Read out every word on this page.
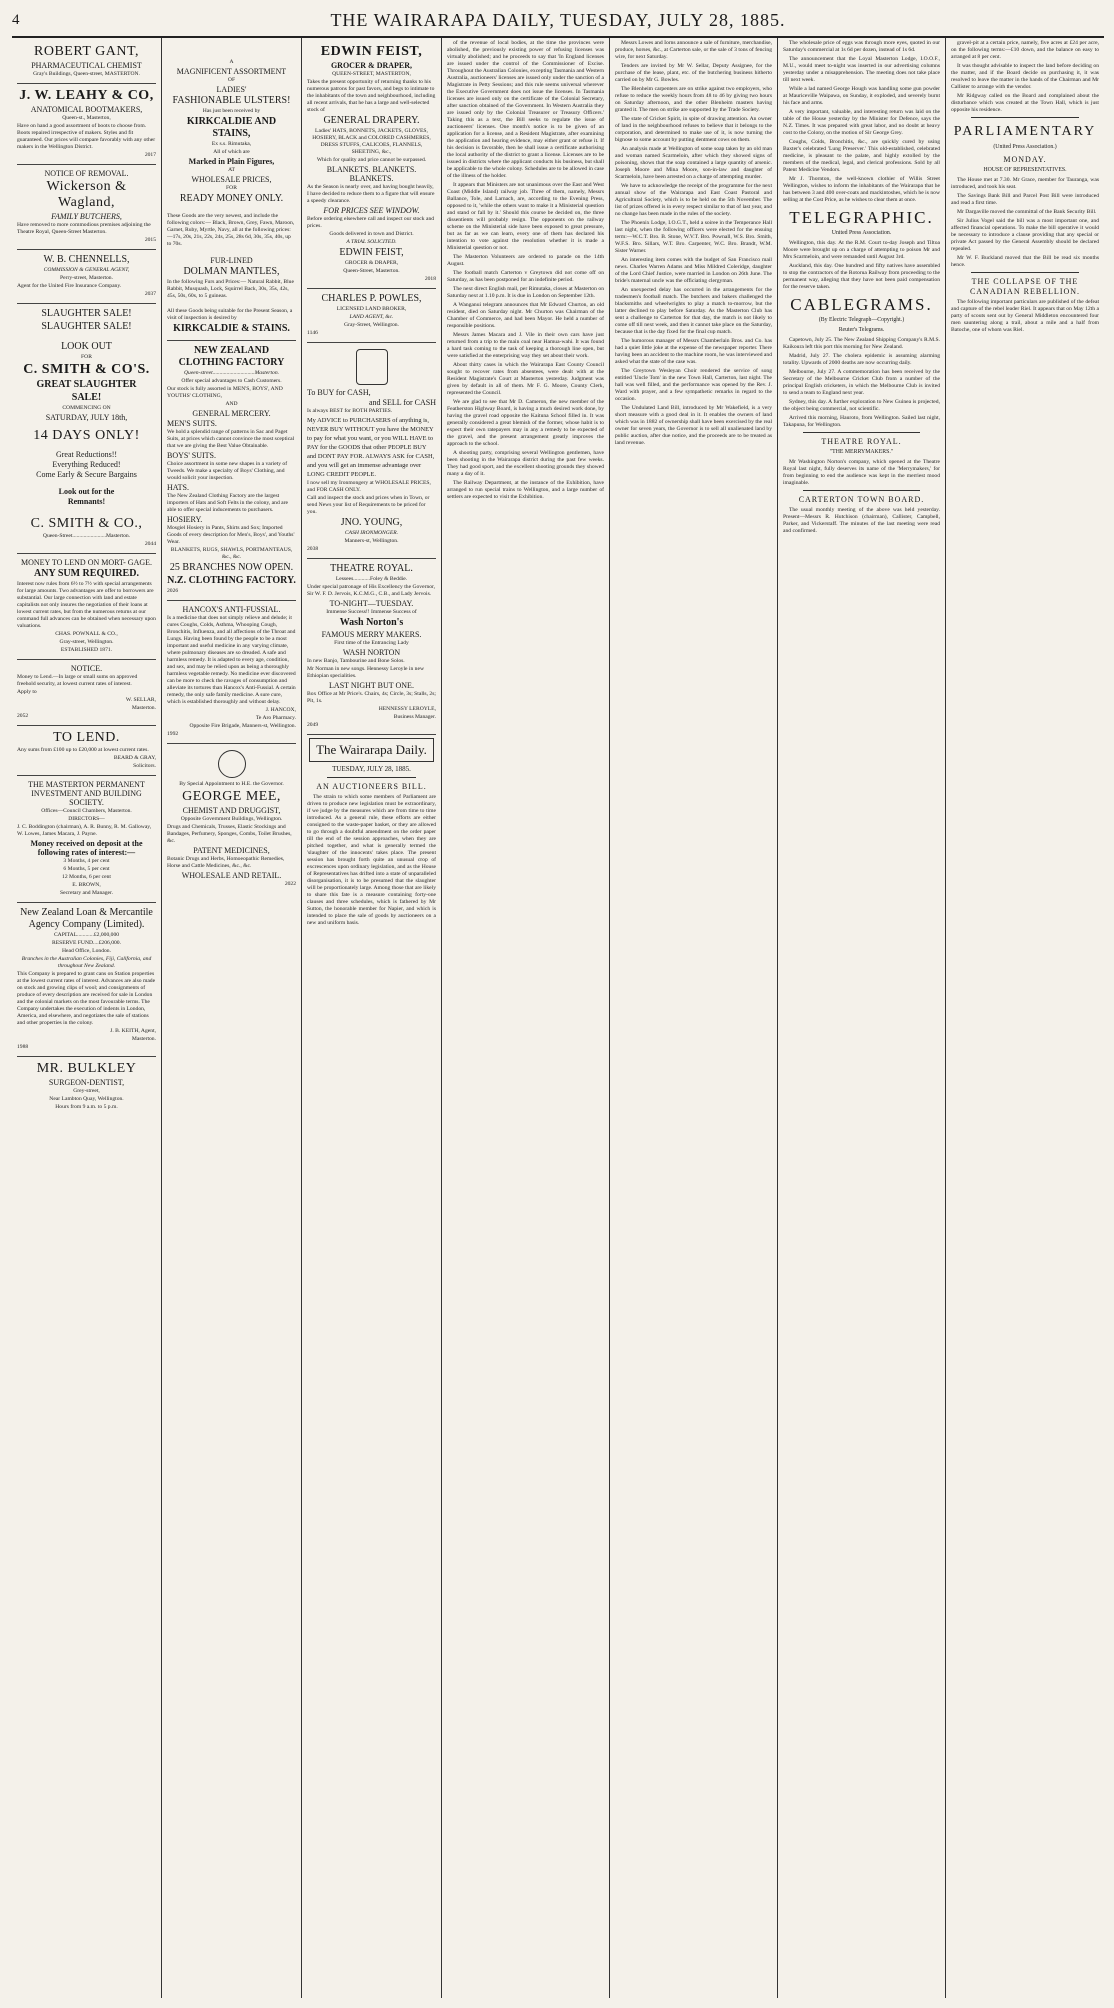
4	THE WAIRARAPA DAILY, TUESDAY, JULY 28, 1885.

ROBERT GANT,

PHARMACEUTICAL CHEMIST

Gray's Buildings, Queen-street, MASTERTON.

J. W. LEAHY & CO,

ANATOMICAL BOOTMAKERS,

Queen-st., Masterton,

Have on hand a good assortment of boots to choose from. Boots repaired irrespective of makers. Styles and fit guaranteed. Our prices will compare favorably with any other makers in the Wellington District.

2017

NOTICE OF REMOVAL.

Wickerson & Wagland,

FAMILY BUTCHERS,

Have removed to more commodious premises adjoining the Theatre Royal, Queen-Street Masterton.

2015

W. B. CHENNELLS,

COMMISSION & GENERAL AGENT,

Perry-street, Masterton.

Agent for the United Fire Insurance Company.

2037

SLAUGHTER SALE!

SLAUGHTER SALE!

LOOK OUT

FOR

C. SMITH & CO'S.

GREAT SLAUGHTER

SALE!

COMMENCING ON

SATURDAY, JULY 18th,

14 DAYS ONLY!

Great Reductions!!

Everything Reduced!

Come Early & Secure Bargains

Look out for the

Remnants!

C. SMITH & CO.,

Queen-Street........................Masterton.

2044

MONEY TO LEND ON MORT- GAGE.

ANY SUM REQUIRED.

Interest now rules from 6½ to 7½ with special arrangements for large amounts. Two advantages are offer to borrowers are substantial. Our large connection with land and estate capitalists not only insures the negotiation of their loans at lowest current rates, but from the numerous returns at our command full advances can be obtained when necessary upon valuations.

CHAS. POWNALL & CO.,

Gray-street, Wellington.

ESTABLISHED 1871.

NOTICE.

Money to Lend.—In large or small sums on approved freehold security, at lowest current rates of interest.

Apply to

W. SELLAR,

Masterton.

2052

TO LEND.

Any sums from £100 up to £20,000 at lowest current rates.

BEARD & GRAY,

Solicitors.

THE MASTERTON PERMANENT INVESTMENT AND BUILDING SOCIETY.

Offices—Council Chambers, Masterton.

DIRECTORS—

J. C. Boddington (chairman), A. R. Bunny, R. M. Galloway, W. Lowes, James Macara, J. Payne.

Money received on deposit at the following rates of interest:—

3 Months, 4 per cent

6 Months, 5 per cent

12 Months, 6 per cent

E. BROWN,

Secretary and Manager.

New Zealand Loan & Mercantile Agency Company (Limited).

CAPITAL............£2,000,000

RESERVE FUND....£206,000.

Head Office, London.

Branches in the Australian Colonies, Fiji, California, and throughout New Zealand.

This Company is prepared to grant cans on Station properties at the lowest current rates of interest. Advances are also made on stock and growing clips of wool; and consignments of produce of every description are received for sale in London and the colonial markets on the most favourable terms. The Company undertakes the execution of indents in London, America, and elsewhere, and negotiates the sale of stations and other properties in the colony.

J. B. KEITH, Agent,

Masterton.

1988

MR. BULKLEY

SURGEON-DENTIST,

Grey-street,

Near Lambton Quay, Wellington.

Hours from 9 a.m. to 5 p.m.

A

MAGNIFICENT ASSORTMENT

OF

LADIES'

FASHIONABLE ULSTERS!

Has just been received by

KIRKCALDIE AND STAINS,

Ex s.s. Rimutaka,

All of which are

Marked in Plain Figures,

AT

WHOLESALE PRICES,

FOR

READY MONEY ONLY.

These Goods are the very newest, and include the following colors:— Black, Brown, Grey, Fawn, Maroon, Garnet, Ruby, Myrtle, Navy, all at the following prices:—17s, 20s, 21s, 22s, 24s, 25s, 28s 6d, 30s, 35s, 40s, up to 70s.

FUR-LINED

DOLMAN MANTLES,

In the following Furs and Prices:— Natural Rabbit, Blue Rabbit, Musquash, Lock, Squirrel Back, 30s, 35s, 42s, 45s, 50s, 60s, to 5 guineas.

All these Goods being suitable for the Present Season, a visit of inspection is desired by

KIRKCALDIE & STAINS.

NEW ZEALAND CLOTHING FACTORY

Queen-street..............................Masterton.

Offer special advantages to Cash Customers.

Our stock is fully assorted in MEN'S, BOYS', AND YOUTHS' CLOTHING,

AND

GENERAL MERCERY.

MEN'S SUITS.

We hold a splendid range of patterns in Sac and Paget Suits, at prices which cannot convince the most sceptical that we are giving the Best Value Obtainable.

BOYS' SUITS.

Choice assortment in some new shapes in a variety of Tweeds. We make a specialty of Boys' Clothing, and would solicit your inspection.

HATS.

The New Zealand Clothing Factory are the largest importers of Hats and Soft Felts in the colony, and are able to offer special inducements to purchasers.

HOSIERY.

Mosgiel Hosiery in Pants, Shirts and Sox; Imported Goods of every description for Men's, Boys', and Youths' Wear.

BLANKETS, RUGS, SHAWLS, PORTMANTEAUS, &c., &c.

25 BRANCHES NOW OPEN.

N.Z. CLOTHING FACTORY.

2026

HANCOX'S ANTI-FUSSIAL.

Is a medicine that does not simply relieve and delude; it cures Coughs, Colds, Asthma, Whooping Cough, Bronchitis, Influenza, and all affections of the Throat and Lungs. Having been found by the people to be a most important and useful medicine in any varying climate, where pulmonary diseases are so dreaded. A safe and harmless remedy. It is adapted to every age, condition, and sex, and may be relied upon as being a thoroughly harmless vegetable remedy. No medicine ever discovered can be more to check the ravages of consumption and alleviate its tortures than Hancox's Anti-Fussial. A certain remedy, the only safe family medicine. A sure cure, which is established thoroughly and without delay.

J. HANCOX,

Te Aro Pharmacy.

Opposite Fire Brigade, Manners-st, Wellington.

1992

By Special Appointment to H.E. the Governor.

GEORGE MEE,

CHEMIST AND DRUGGIST,

Opposite Government Buildings, Wellington.

Drugs and Chemicals, Trusses, Elastic Stockings and Bandages, Perfumery, Sponges, Combs, Toilet Brushes, &c.

PATENT MEDICINES,

Botanic Drugs and Herbs, Homoeopathic Remedies, Horse and Cattle Medicines, &c., &c.

WHOLESALE AND RETAIL.

2022

EDWIN FEIST,

GROCER & DRAPER,

QUEEN-STREET, MASTERTON,

Takes the present opportunity of returning thanks to his numerous patrons for past favors, and begs to intimate to the inhabitants of the town and neighbourhood, including all recent arrivals, that he has a large and well-selected stock of

GENERAL DRAPERY.

Ladies' HATS, BONNETS, JACKETS, GLOVES, HOSIERY, BLACK and COLORED CASHMERES, DRESS STUFFS, CALICOES, FLANNELS, SHEETING, &c.,

Which for quality and price cannot be surpassed.

BLANKETS. BLANKETS. BLANKETS.

As the Season is nearly over, and having bought heavily, I have decided to reduce them to a figure that will ensure a speedy clearance.

FOR PRICES SEE WINDOW.

Before ordering elsewhere call and inspect our stock and prices.

Goods delivered in town and District.

A TRIAL SOLICITED.

EDWIN FEIST,

GROCER & DRAPER,

Queen-Street, Masterton.

2018

CHARLES P. POWLES,

LICENSED LAND BROKER,

LAND AGENT, &c.

Gray-Street, Wellington.

1146

To BUY for CASH,

and SELL for CASH

Is always BEST for BOTH PARTIES.

My ADVICE to PURCHASERS of anything is, NEVER BUY WITHOUT you have the MONEY to pay for what you want, or you WILL HAVE to PAY for the GOODS that other PEOPLE BUY and DONT PAY FOR. ALWAYS ASK for CASH, and you will get an immense advantage over LONG CREDIT PEOPLE.

I now sell my Ironmongery at WHOLESALE PRICES, and FOR CASH ONLY.

Call and inspect the stock and prices when in Town, or send News your list of Requirements to be priced for you.

JNO. YOUNG,

CASH IRONMONGER.

Manners-st, Wellington.

2038

THEATRE ROYAL.

Lessees............Foley & Beddie.

Under special patronage of His Excellency the Governor, Sir W. F. D. Jervois, K.C.M.G., C.B., and Lady Jervois.

TO-NIGHT—TUESDAY.

Immense Success!! Immense Success of

Wash Norton's

FAMOUS MERRY MAKERS.

First time of the Entrancing Lady

WASH NORTON

In new Banjo, Tambourine and Bone Solos.

Mr Norman in new songs. Hennessy Leroyle in new Ethiopian specialities.

LAST NIGHT BUT ONE.

Box Office at Mr Price's. Chairs, 4s; Circle, 3s; Stalls, 2s; Pit, 1s.

HENNESSY LEROYLE,

Business Manager.

2049

The Wairarapa Daily.
TUESDAY, JULY 28, 1885.
AN AUCTIONEERS BILL.

The strain to which some members of Parliament are driven to produce new legislation must be extraordinary, if we judge by the measures which are from time to time introduced. As a general rule, these efforts are either consigned to the waste-paper basket, or they are allowed to go through a doubtful amendment on the order paper till the end of the session approaches, when they are pitched together, and what is generally termed the 'slaughter of the innocents' takes place. The present session has brought forth quite an unusual crop of excrescences upon ordinary legislation, and as the House of Representatives has drifted into a state of unparalleled disorganisation, it is to be presumed that the slaughter will be proportionately large. Among those that are likely to share this fate is a measure containing forty-one clauses and three schedules, which is fathered by Mr Sutton, the honorable member for Napier, and which is intended to place the sale of goods by auctioneers on a new and uniform basis.

of the revenue of local bodies, at the time the provinces were abolished, the previously existing power of refusing licenses was virtually abolished; and he proceeds to say that 'In England licenses are issued under the control of the Commissioner of Excise. Throughout the Australian Colonies, excepting Tasmania and Western Australia, auctioneers' licenses are issued only under the sanction of a Magistrate in Petty Sessions; and this rule seems universal wherever the Executive Government does not issue the licenses. In Tasmania licenses are issued only on the certificate of the Colonial Secretary, after sanction obtained of the Government. In Western Australia they are issued only by the Colonial Treasurer or Treasury Officers.' Taking this as a text, the Bill seeks to regulate the issue of auctioneers' licenses. One month's notice is to be given of an application for a license, and a Resident Magistrate, after examining the application and hearing evidence, may either grant or refuse it. If his decision is favorable, then he shall issue a certificate authorising the local authority of the district to grant a license. Licenses are to be issued in districts where the applicant conducts his business, but shall be applicable to the whole colony. Schedules are to be allowed in case of the illness of the holder.

It appears that Ministers are not unanimous over the East and West Coast (Middle Island) railway job. Three of them, namely, Messrs Ballance, Tole, and Larnach, are, according to the Evening Press, opposed to it, 'while the others want to make it a Ministerial question and stand or fall by it.' Should this course be decided on, the three dissentients will probably resign. The opponents on the railway scheme on the Ministerial side have been exposed to great pressure, but as far as we can learn, every one of them has declared his intention to vote against the resolution whether it is made a Ministerial question or not.

The Masterton Volunteers are ordered to parade on the 14th August.

The football match Carterton v Greytown did not come off on Saturday, as has been postponed for an indefinite period.

The next direct English mail, per Rimutaka, closes at Masterton on Saturday next at 1.10 p.m. It is due in London on September 12th.

A Wanganui telegram announces that Mr Edward Churton, an old resident, died on Saturday night. Mr Churton was Chairman of the Chamber of Commerce, and had been Mayor. He held a number of responsible positions.

Messrs James Macara and J. Vile in their own cars have just returned from a trip to the main coal near Hamua-wahi. It was found a hard task coming to the task of keeping a thorough line open, but were satisfied at the enterprising way they set about their work.

About thirty cases in which the Wairarapa East County Council sought to recover rates from absentees, were dealt with at the Resident Magistrate's Court at Masterton yesterday. Judgment was given by default in all of them. Mr F. G. Moore, County Clerk, represented the Council.

We are glad to see that Mr D. Cameron, the new member of the Featherston Highway Board, is having a much desired work done, by having the gravel road opposite the Kaituna School filled in. It was generally considered a great blemish of the former, whose habit is to expect their own ratepayers may in any a remedy to be expected of the gravel, and the present arrangement greatly improves the approach to the school.

A shooting party, comprising several Wellington gentlemen, have been shooting in the Wairarapa district during the past few weeks. They had good sport, and the excellent shooting grounds they showed many a day of it.

The Railway Department, at the instance of the Exhibition, have arranged to run special trains to Wellington, and a large number of settlers are expected to visit the Exhibition.

Messrs Lowes and Iorns announce a sale of furniture, merchandise, produce, horses, &c., at Carterton sale, or the sale of 3 tons of fencing wire, for next Saturday.

Tenders are invited by Mr W. Sellar, Deputy Assignee, for the purchase of the lease, plant, etc. of the butchering business hitherto carried on by Mr G. Bowles.

The Blenheim carpenters are on strike against two employers, who refuse to reduce the weekly hours from 48 to 46 by giving two hours on Saturday afternoon, and the other Blenheim masters having granted it. The men on strike are supported by the Trade Society.

The state of Cricket Spirit, in spite of drawing attention. An owner of land in the neighbourhood refuses to believe that it belongs to the corporation, and determined to make use of it, is now turning the bignose to some account by putting dentment cows on them.

An analysis made at Wellington of some soap taken by an old man and woman named Scarmeloin, after which they showed signs of poisoning, shows that the soap contained a large quantity of arsenic. Joseph Moore and Mina Moore, son-in-law and daughter of Scarmeloin, have been arrested on a charge of attempting murder.

We have to acknowledge the receipt of the programme for the next annual show of the Wairarapa and East Coast Pastoral and Agricultural Society, which is to be held on the 5th November. The list of prizes offered is in every respect similar to that of last year, and no change has been made in the rules of the society.

The Phoenix Lodge, I.O.G.T., held a soiree in the Temperance Hall last night, when the following officers were elected for the ensuing term:—W.C.T. Bro. B. Stone, W.V.T. Bro. Pownall, W.S. Bro. Smith, W.F.S. Bro. Sillars, W.T. Bro. Carpenter, W.C. Bro. Brandt, W.M. Sister Warner.

An interesting item comes with the budget of San Francisco mail news. Charles Warren Adams and Miss Mildred Coleridge, daughter of the Lord Chief Justice, were married in London on 26th June. The bride's maternal uncle was the officiating clergyman.

An unexpected delay has occurred in the arrangements for the tradesmen's football match. The butchers and bakers challenged the blacksmiths and wheelwrights to play a match to-morrow, but the latter declined to play before Saturday. As the Masterton Club has sent a challenge to Carterton for that day, the match is not likely to come off till next week, and then it cannot take place on the Saturday, because that is the day fixed for the final cup match.

The humorous manager of Messrs Chamberlain Bros. and Co. has had a quiet little joke at the expense of the newspaper reporter. There having been an accident to the machine room, he was interviewed and asked what the state of the case was.

The Greytown Wesleyan Choir rendered the service of song entitled 'Uncle Tom' in the new Town Hall, Carterton, last night. The hall was well filled, and the performance was opened by the Rev. J. Ward with prayer, and a few sympathetic remarks in regard to the occasion.

The Undulated Land Bill, introduced by Mr Wakefield, is a very short measure with a good deal in it. It enables the owners of land which was in 1882 of ownership shall have been exercised by the real owner for seven years, the Governor is to sell all unalienated land by public auction, after due notice, and the proceeds are to be treated as land revenue.

The wholesale price of eggs was through more eyes, quoted in our Saturday's commercial at 1s 6d per dozen, instead of 1s 6d.

The announcement that the Loyal Masterton Lodge, I.O.O.F., M.U., would meet to-night was inserted in our advertising columns yesterday under a misapprehension. The meeting does not take place till next week.

While a lad named George Hough was handling some gun powder at Mauriceville Waipawa, on Sunday, it exploded, and severely burnt his face and arms.

A very important, valuable, and interesting return was laid on the table of the House yesterday by the Minister for Defence, says the N.Z. Times. It was prepared with great labor, and no doubt at heavy cost to the Colony, on the motion of Sir George Grey.

Coughs, Colds, Bronchitis, &c., are quickly cured by using Baxter's celebrated 'Lung Preserver.' This old-established, celebrated medicine, is pleasant to the palate, and highly extolled by the members of the medical, legal, and clerical professions. Sold by all Patent Medicine Vendors.

Mr J. Thornton, the well-known clothier of Willis Street Wellington, wishes to inform the inhabitants of the Wairarapa that he has between 3 and 400 over-coats and mackintoshes, which he is now selling at the Cost Price, as he wishes to clear them at once.

TELEGRAPHIC.
United Press Association.

Wellington, this day. At the R.M. Court to-day Joseph and Tiltoa Moore were brought up on a charge of attempting to poison Mr and Mrs Scarmeloin, and were remanded until August 3rd.

Auckland, this day. One hundred and fifty natives have assembled to stop the contractors of the Rotorua Railway from proceeding to the permanent way, alleging that they have not been paid compensation for the reserve taken.

CABLEGRAMS.
(By Electric Telegraph—Copyright.)
Reuter's Telegrams.

Capetown, July 25. The New Zealand Shipping Company's R.M.S. Kaikoura left this port this morning for New Zealand.

Madrid, July 27. The cholera epidemic is assuming alarming totality. Upwards of 2000 deaths are now occurring daily.

Melbourne, July 27. A commemoration has been received by the Secretary of the Melbourne Cricket Club from a number of the principal English cricketers, in which the Melbourne Club is invited to send a team to England next year.

Sydney, this day. A further exploration to New Guinea is projected, the object being commercial, not scientific.

Arrived this morning, Hauroto, from Wellington. Sailed last night, Takapuna, for Wellington.

THEATRE ROYAL.
"THE MERRYMAKERS."

Mr Washington Norton's company, which opened at the Theatre Royal last night, fully deserves its name of the 'Merrymakers,' for from beginning to end the audience was kept in the merriest mood imaginable.

CARTERTON TOWN BOARD.

The usual monthly meeting of the above was held yesterday. Present—Messrs R. Hutchison (chairman), Callister, Campbell, Parker, and Vickerstaff. The minutes of the last meeting were read and confirmed.

gravel-pit at a certain price, namely, five acres at £24 per acre, on the following terms:—£10 down, and the balance on easy to arranged at 8 per cent.

It was thought advisable to inspect the land before deciding on the matter, and if the Board decide on purchasing it, it was resolved to leave the matter in the hands of the Chairman and Mr Callister to arrange with the vendor.

Mr Ridgway called on the Board and complained about the disturbance which was created at the Town Hall, which is just opposite his residence.

PARLIAMENTARY
(United Press Association.)
MONDAY.
HOUSE OF REPRESENTATIVES.

The House met at 7.30. Mr Grace, member for Tauranga, was introduced, and took his seat.

The Savings Bank Bill and Parcel Post Bill were introduced and read a first time.

Mr Dargaville moved the committal of the Bank Security Bill.

Sir Julius Vogel said the bill was a most important one, and affected financial operations. To make the bill operative it would be necessary to introduce a clause providing that any special or private Act passed by the General Assembly should be declared repealed.

Mr W. F. Buckland moved that the Bill be read six months hence.

THE COLLAPSE OF THE CANADIAN REBELLION.

The following important particulars are published of the defeat and capture of the rebel leader Riel. It appears that on May 12th a party of scouts sent out by General Middleton encountered four men sauntering along a trail, about a mile and a half from Batoche, one of whom was Riel.
